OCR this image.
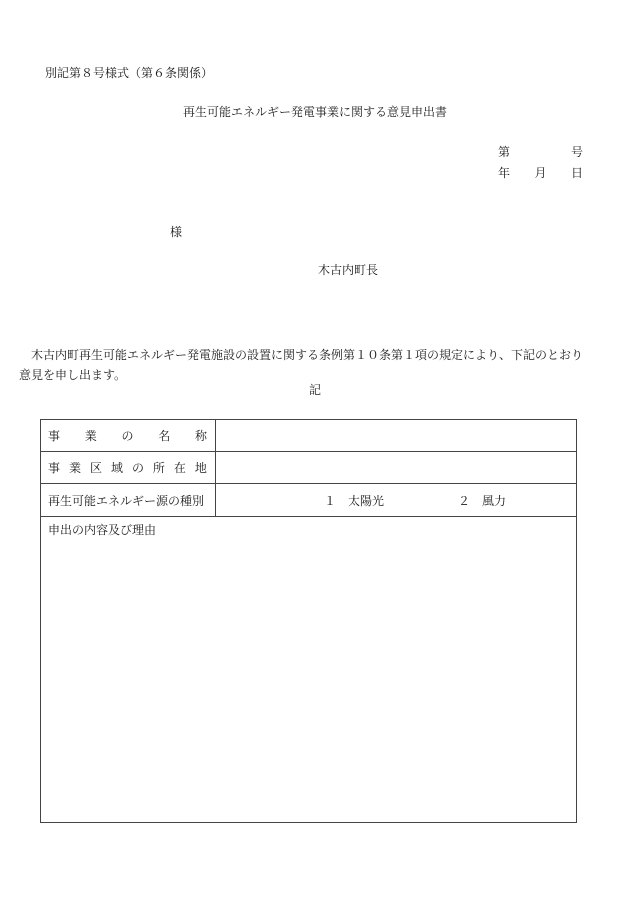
別記第８号様式（第６条関係）
再生可能エネルギー発電事業に関する意見申出書
第	号
年 月 日
様
木古内町長
木古内町再生可能エネルギー発電施設の設置に関する条例第１０条第１項の規定により、下記のとおり意見を申し出ます。
記
事 業 の 名 称
事 業 区 域 の 所 在 地
再生可能エネルギー源の種別	１　太陽光	２　風力
申出の内容及び理由
